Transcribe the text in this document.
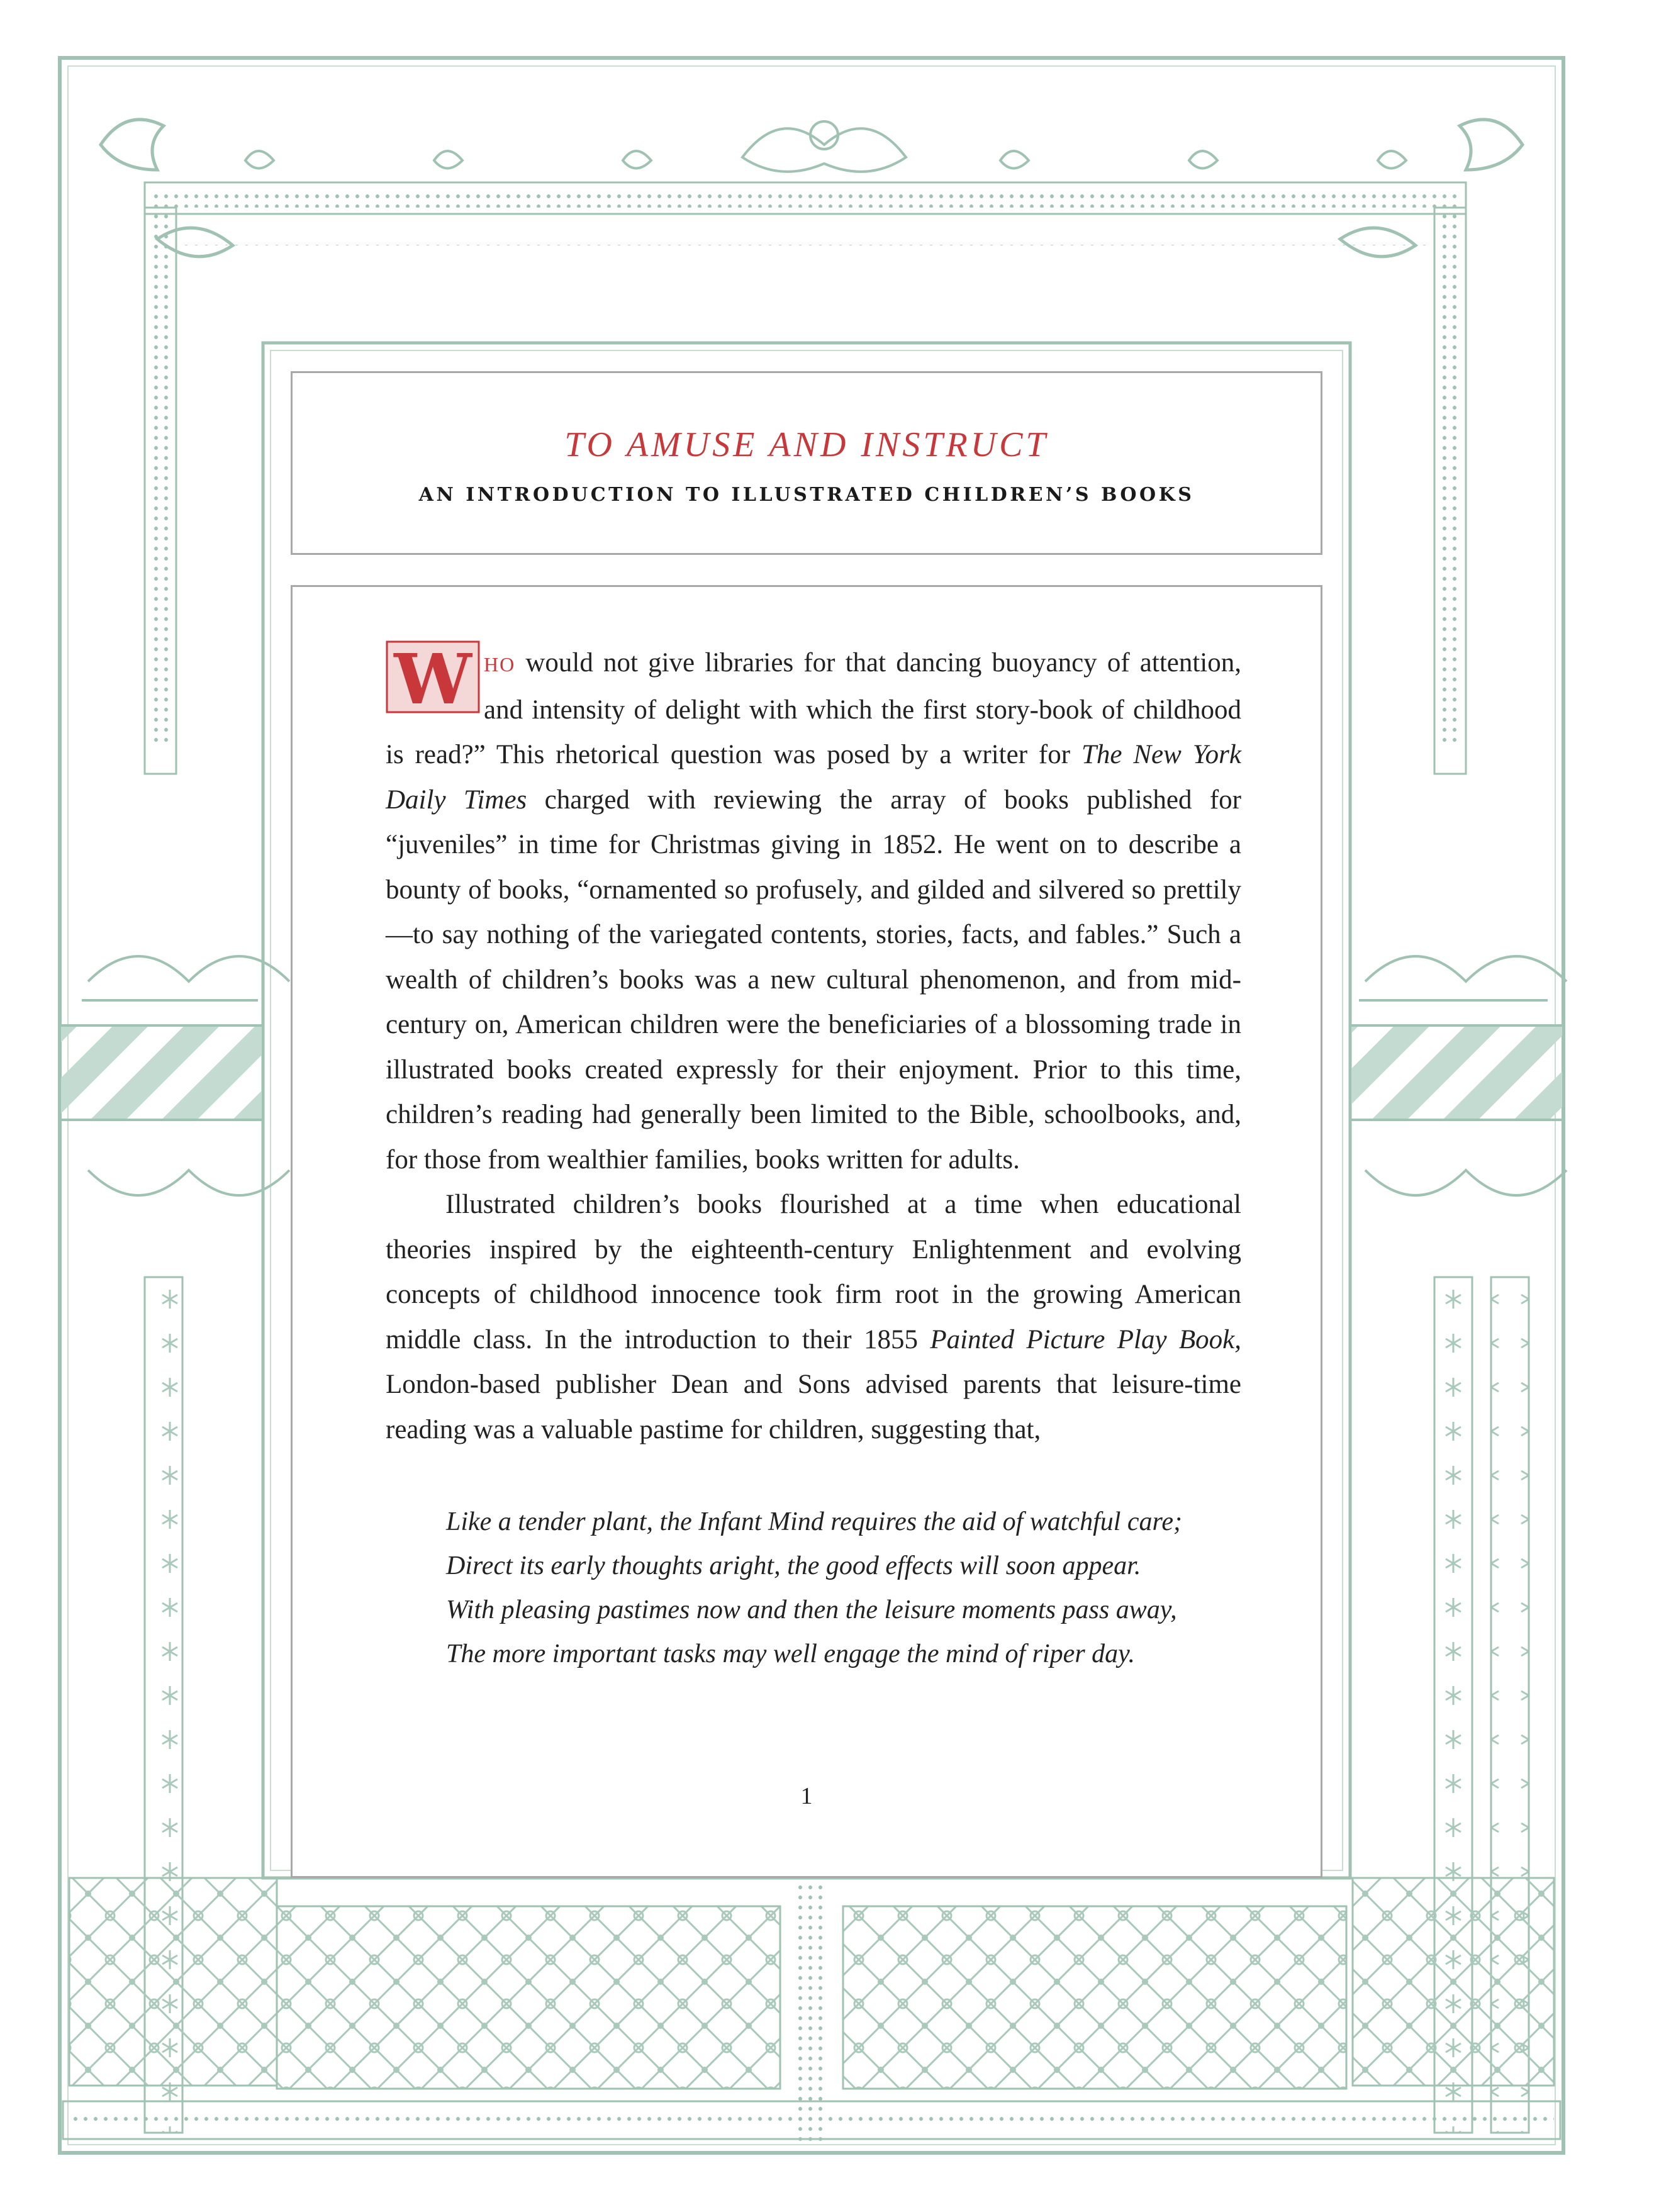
TO AMUSE AND INSTRUCT
AN INTRODUCTION TO ILLUSTRATED CHILDREN’S BOOKS

W HO would not give libraries for that dancing buoyancy of attention, and intensity of delight with which the first story-book of childhood is read?” This rhetorical question was posed by a writer for The New York Daily Times charged with reviewing the array of books published for “juveniles” in time for Christmas giving in 1852. He went on to describe a bounty of books, “ornamented so profusely, and gilded and silvered so prettily—to say nothing of the variegated contents, stories, facts, and fables.” Such a wealth of children’s books was a new cultural phenomenon, and from mid-century on, American children were the beneficiaries of a blossoming trade in illustrated books created expressly for their enjoyment. Prior to this time, children’s reading had generally been limited to the Bible, schoolbooks, and, for those from wealthier families, books written for adults.

Illustrated children’s books flourished at a time when educational theories inspired by the eighteenth-century Enlightenment and evolving concepts of childhood innocence took firm root in the growing American middle class. In the introduction to their 1855 Painted Picture Play Book, London-based publisher Dean and Sons advised parents that leisure-time reading was a valuable pastime for children, suggesting that,

Like a tender plant, the Infant Mind requires the aid of watchful care;
Direct its early thoughts aright, the good effects will soon appear.
With pleasing pastimes now and then the leisure moments pass away,
The more important tasks may well engage the mind of riper day.
1
